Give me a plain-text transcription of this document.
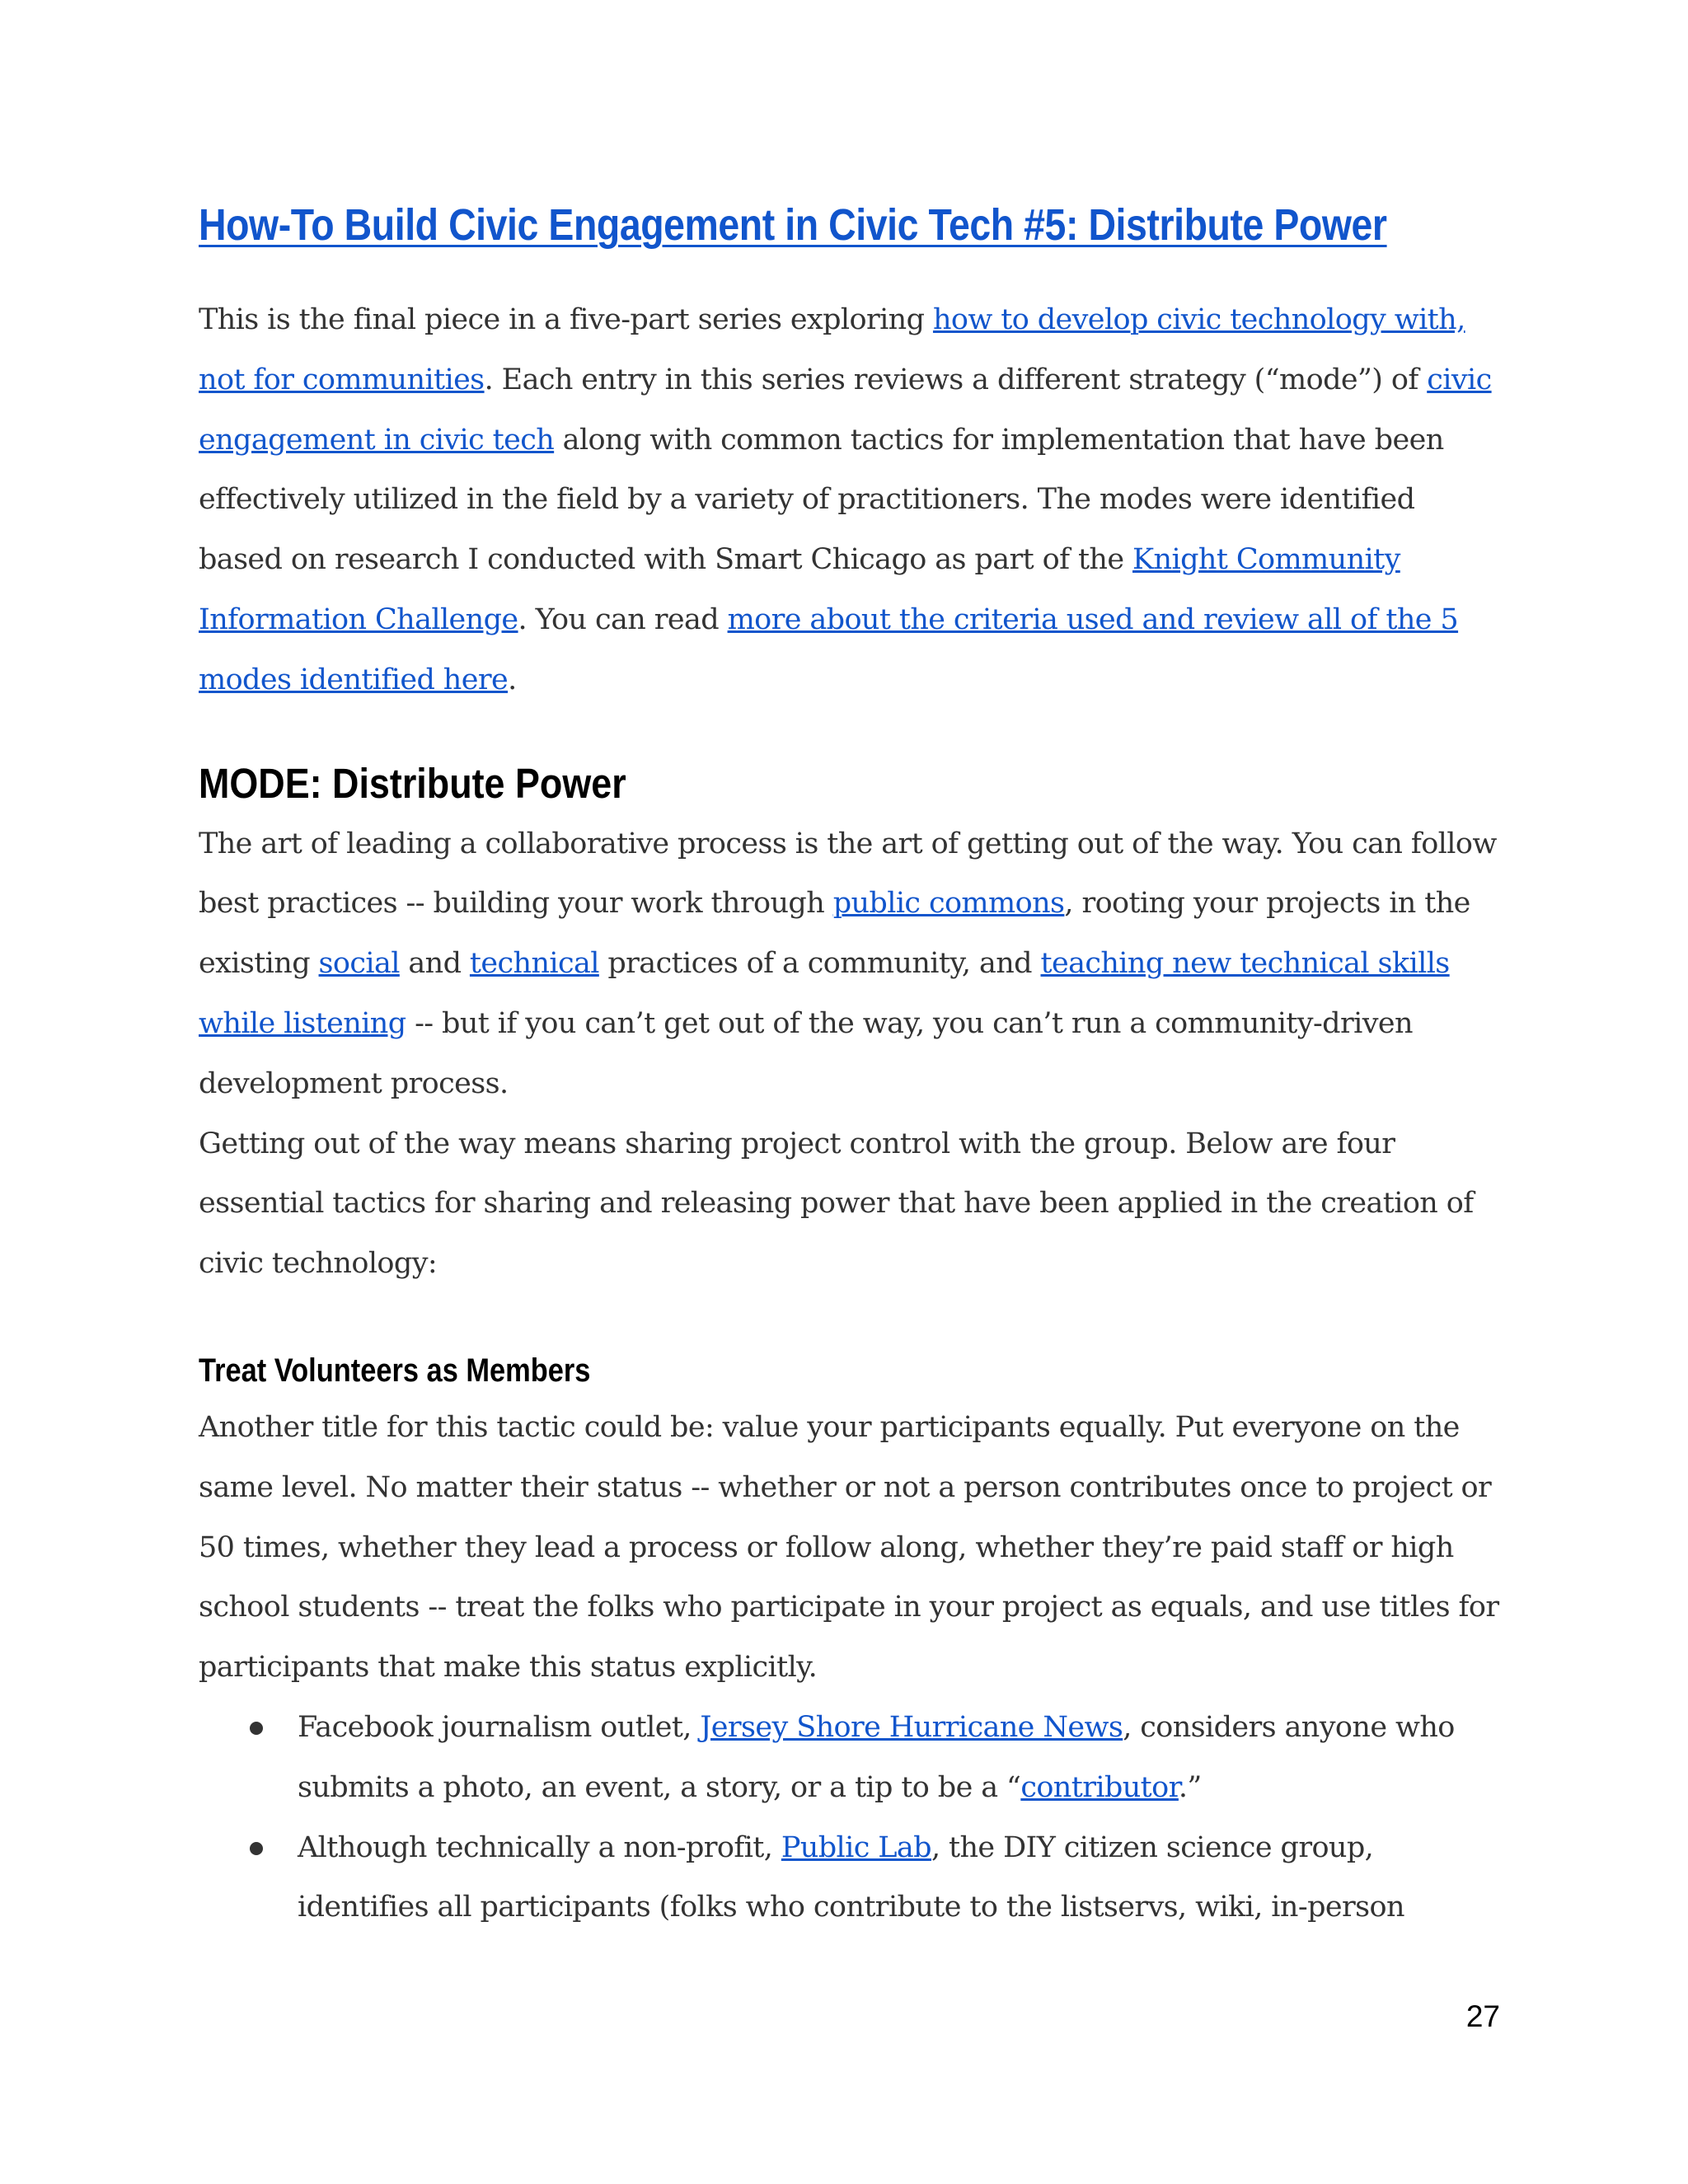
How-To Build Civic Engagement in Civic Tech #5: Distribute Power

This is the final piece in a five-part series exploring how to develop civic technology with, not for communities. Each entry in this series reviews a different strategy (“mode”) of civic engagement in civic tech along with common tactics for implementation that have been effectively utilized in the field by a variety of practitioners. The modes were identified based on research I conducted with Smart Chicago as part of the Knight Community Information Challenge. You can read more about the criteria used and review all of the 5 modes identified here.

MODE: Distribute Power

The art of leading a collaborative process is the art of getting out of the way. You can follow best practices -- building your work through public commons, rooting your projects in the existing social and technical practices of a community, and teaching new technical skills while listening -- but if you can’t get out of the way, you can’t run a community-driven development process.

Getting out of the way means sharing project control with the group. Below are four essential tactics for sharing and releasing power that have been applied in the creation of civic technology:

Treat Volunteers as Members

Another title for this tactic could be: value your participants equally. Put everyone on the same level. No matter their status -- whether or not a person contributes once to project or 50 times, whether they lead a process or follow along, whether they’re paid staff or high school students -- treat the folks who participate in your project as equals, and use titles for participants that make this status explicitly.

Facebook journalism outlet, Jersey Shore Hurricane News, considers anyone who submits a photo, an event, a story, or a tip to be a “contributor.”
Although technically a non-profit, Public Lab, the DIY citizen science group, identifies all participants (folks who contribute to the listservs, wiki, in-person
27
